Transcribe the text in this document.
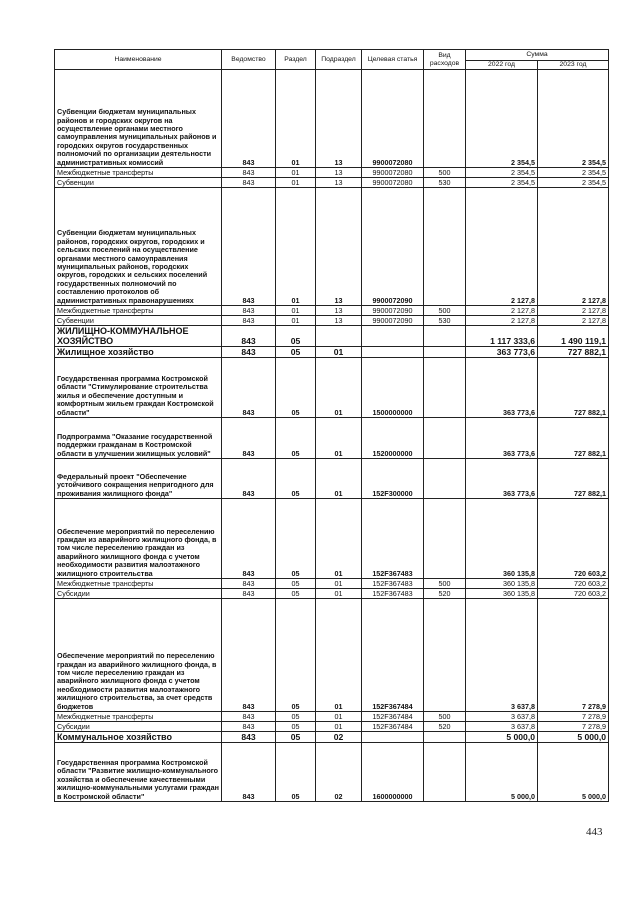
Наименование	Ведомство	Раздел	Подраздел	Целевая статья	Вид расходов	Сумма	
						2022 год	2023 год
Субвенции бюджетам муниципальных районов и городских округов на осуществление органами местного самоуправления муниципальных районов и городских округов государственных полномочий по организации деятельности административных комиссий	843	01	13	9900072080		2 354,5	2 354,5
Межбюджетные трансферты	843	01	13	9900072080	500	2 354,5	2 354,5
Субвенции	843	01	13	9900072080	530	2 354,5	2 354,5
Субвенции бюджетам муниципальных районов, городских округов, городских и сельских поселений на осуществление органами местного самоуправления муниципальных районов, городских округов, городских и сельских поселений государственных полномочий по составлению протоколов об административных правонарушениях	843	01	13	9900072090		2 127,8	2 127,8
Межбюджетные трансферты	843	01	13	9900072090	500	2 127,8	2 127,8
Субвенции	843	01	13	9900072090	530	2 127,8	2 127,8
ЖИЛИЩНО-КОММУНАЛЬНОЕ ХОЗЯЙСТВО	843	05				1 117 333,6	1 490 119,1
Жилищное хозяйство	843	05	01			363 773,6	727 882,1
Государственная программа Костромской области "Стимулирование строительства жилья и обеспечение доступным и комфортным жильем граждан Костромской области"	843	05	01	1500000000		363 773,6	727 882,1
Подпрограмма "Оказание государственной поддержки гражданам в Костромской области в улучшении жилищных условий"	843	05	01	1520000000		363 773,6	727 882,1
Федеральный проект "Обеспечение устойчивого сокращения непригодного для проживания жилищного фонда"	843	05	01	152F300000		363 773,6	727 882,1
Обеспечение мероприятий по переселению граждан из аварийного жилищного фонда, в том числе переселению граждан из аварийного жилищного фонда с учетом необходимости развития малоэтажного жилищного строительства	843	05	01	152F367483		360 135,8	720 603,2
Межбюджетные трансферты	843	05	01	152F367483	500	360 135,8	720 603,2
Субсидии	843	05	01	152F367483	520	360 135,8	720 603,2
Обеспечение мероприятий по переселению граждан из аварийного жилищного фонда, в том числе переселению граждан из аварийного жилищного фонда с учетом необходимости развития малоэтажного жилищного строительства, за счет средств бюджетов	843	05	01	152F367484		3 637,8	7 278,9
Межбюджетные трансферты	843	05	01	152F367484	500	3 637,8	7 278,9
Субсидии	843	05	01	152F367484	520	3 637,8	7 278,9
Коммунальное хозяйство	843	05	02			5 000,0	5 000,0
Государственная программа Костромской области "Развитие жилищно-коммунального хозяйства и обеспечение качественными жилищно-коммунальными услугами граждан в Костромской области"	843	05	02	1600000000		5 000,0	5 000,0
443
